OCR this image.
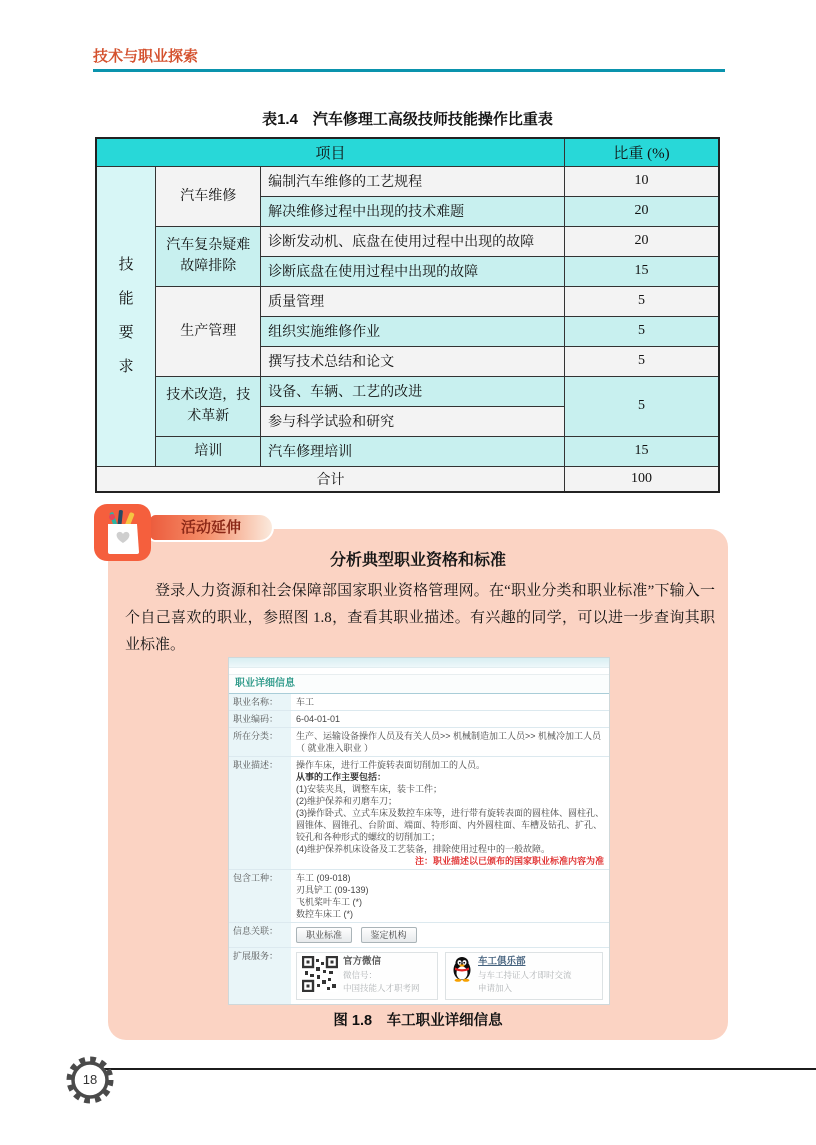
技术与职业探索
表1.4　汽车修理工高级技师技能操作比重表
项目			比重 (%)
技能要求	汽车维修	编制汽车维修的工艺规程	10
		解决维修过程中出现的技术难题	20
	汽车复杂疑难故障排除	诊断发动机、底盘在使用过程中出现的故障	20
		诊断底盘在使用过程中出现的故障	15
	生产管理	质量管理	5
		组织实施维修作业	5
		撰写技术总结和论文	5
	技术改造，技术革新	设备、车辆、工艺的改进	5
		参与科学试验和研究	
	培训	汽车修理培训	15
合计			100
活动延伸
分析典型职业资格和标准
登录人力资源和社会保障部国家职业资格管理网。在“职业分类和职业标准”下输入一个自己喜欢的职业，参照图 1.8，查看其职业描述。有兴趣的同学，可以进一步查询其职业标准。
职业详细信息
职业名称：	车工
职业编码：	6-04-01-01
所在分类：	生产、运输设备操作人员及有关人员>> 机械制造加工人员>> 机械冷加工人员 （ 就业准入职业 ）
职业描述：	操作车床，进行工件旋转表面切削加工的人员。
从事的工作主要包括：
(1)安装夹具，调整车床，装卡工件；
(2)维护保养和刃磨车刀；
(3)操作卧式、立式车床及数控车床等，进行带有旋转表面的圆柱体、圆柱孔、圆锥体、圆锥孔、台阶面、端面、特形面、内外圆柱面、车槽及钻孔、扩孔、铰孔和各种形式的螺纹的切削加工；
(4)维护保养机床设备及工艺装备，排除使用过程中的一般故障。
注：职业描述以已颁布的国家职业标准内容为准
包含工种：	车工 (09-018)
刃具铲工 (09-139)
飞机桨叶车工 (*)
数控车床工 (*)
信息关联：	职业标准	鉴定机构
扩展服务：	官方微信
微信号：
中国技能人才职考网
车工俱乐部
与车工持证人才即时交流
申请加入
图 1.8　车工职业详细信息
18
